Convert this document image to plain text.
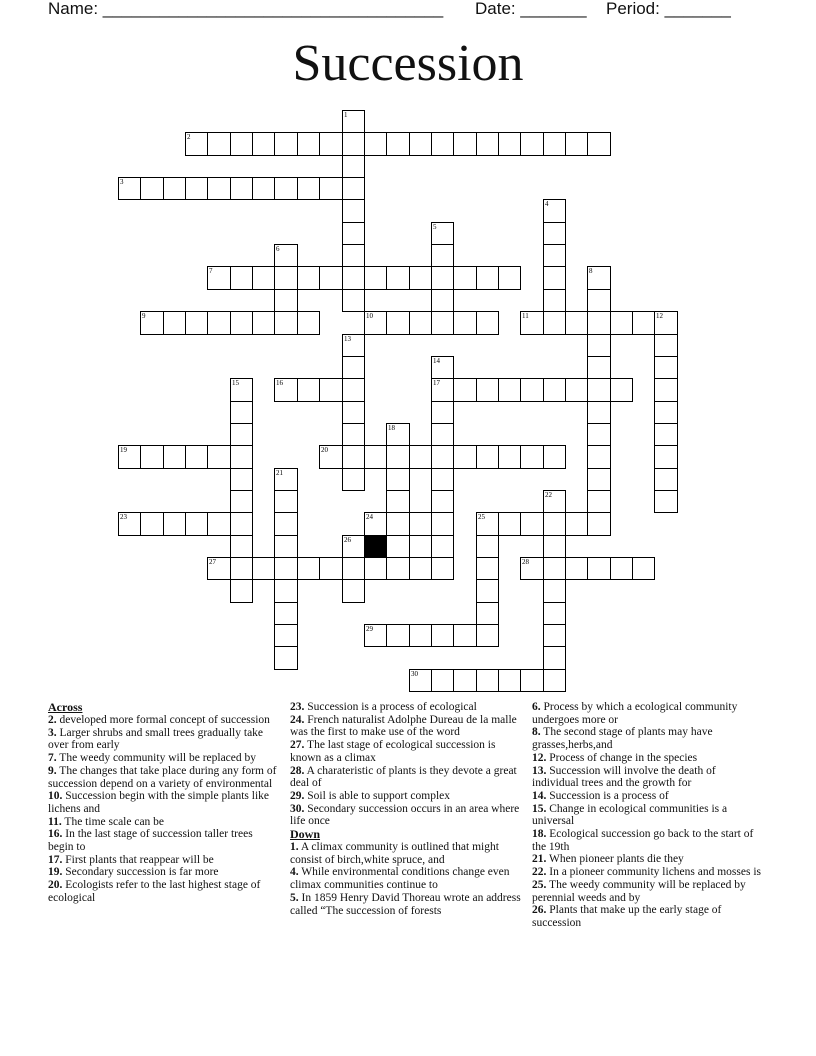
Name: ____________________________________ Date: _______ Period: _______
Succession
1
2
3
4
5
6
7	8
9	10	11	12
13
14
15	16	17
18
19	20
21
22
23	24	25
26
27	28
29
30
Across
2. developed more formal concept of succession
3. Larger shrubs and small trees gradually take over from early
7. The weedy community will be replaced by
9. The changes that take place during any form of succession depend on a variety of environmental
10. Succession begin with the simple plants like lichens and
11. The time scale can be
16. In the last stage of succession taller trees begin to
17. First plants that reappear will be
19. Secondary succession is far more
20. Ecologists refer to the last highest stage of ecological
23. Succession is a process of ecological
24. French naturalist Adolphe Dureau de la malle was the first to make use of the word
27. The last stage of ecological succession is known as a climax
28. A charateristic of plants is they devote a great deal of
29. Soil is able to support complex
30. Secondary succession occurs in an area where life once
Down
1. A climax community is outlined that might consist of birch,white spruce, and
4. While environmental conditions change even climax communities continue to
5. In 1859 Henry David Thoreau wrote an address called “The succession of forests
6. Process by which a ecological community undergoes more or
8. The second stage of plants may have grasses,herbs,and
12. Process of change in the species
13. Succession will involve the death of individual trees and the growth for
14. Succession is a process of
15. Change in ecological communities is a universal
18. Ecological succession go back to the start of the 19th
21. When pioneer plants die they
22. In a pioneer community lichens and mosses is
25. The weedy community will be replaced by perennial weeds and by
26. Plants that make up the early stage of succession
